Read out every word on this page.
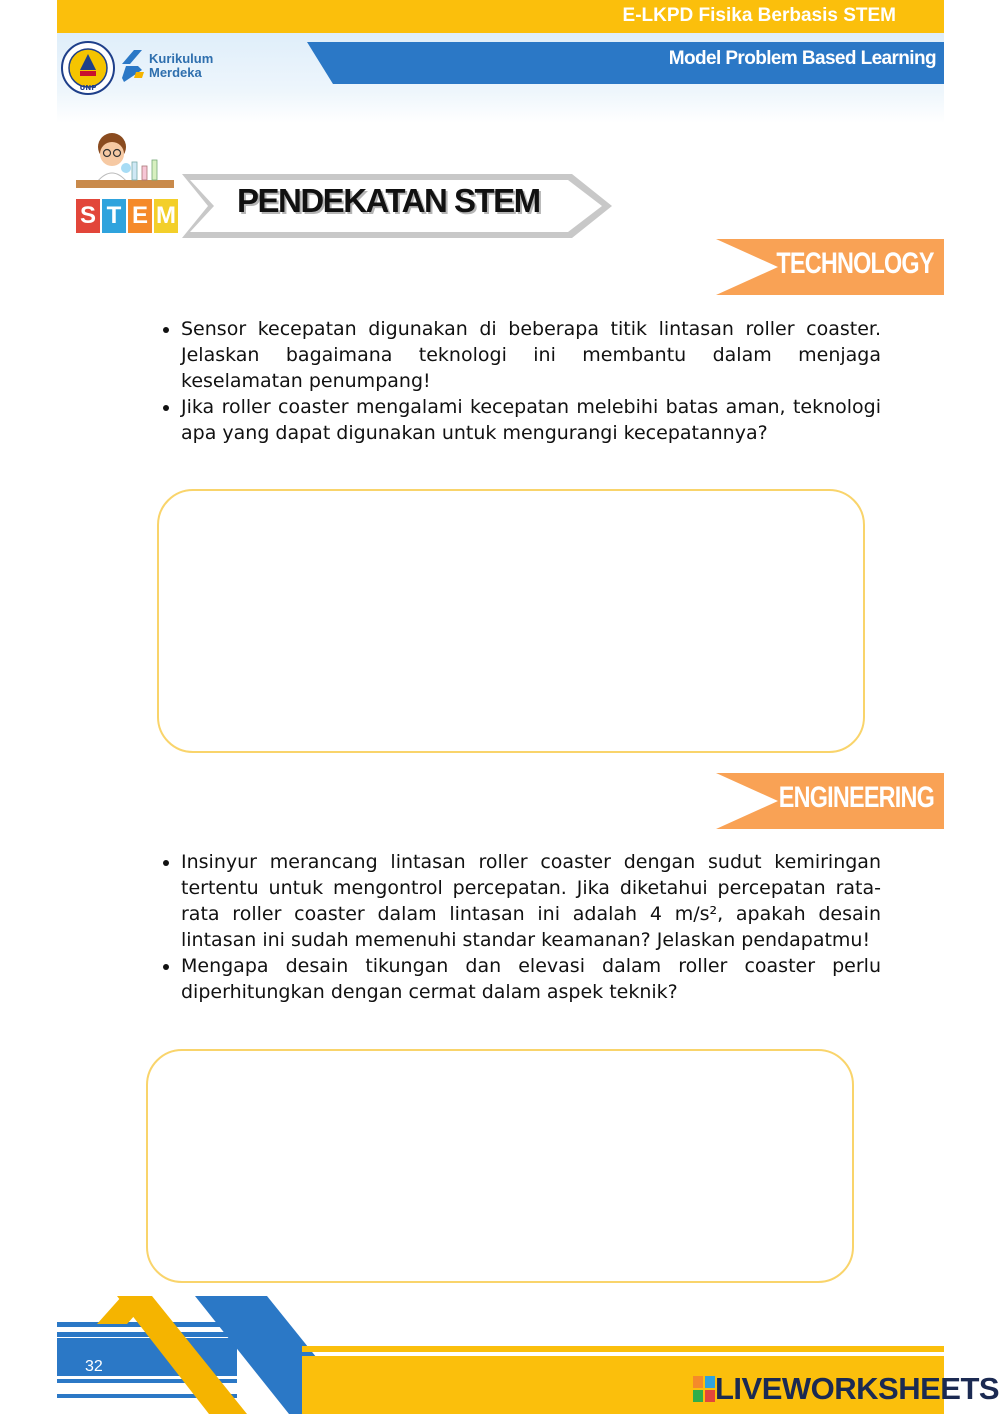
E-LKPD Fisika Berbasis STEM
Model Problem Based Learning
UNP
Kurikulum
Merdeka
S T E M PENDEKATAN STEM
TECHNOLOGY
• Sensor kecepatan digunakan di beberapa titik lintasan roller coaster. Jelaskan bagaimana teknologi ini membantu dalam menjaga keselamatan penumpang!
• Jika roller coaster mengalami kecepatan melebihi batas aman, teknologi apa yang dapat digunakan untuk mengurangi kecepatannya?
ENGINEERING
• Insinyur merancang lintasan roller coaster dengan sudut kemiringan tertentu untuk mengontrol percepatan. Jika diketahui percepatan rata-rata roller coaster dalam lintasan ini adalah 4 m/s², apakah desain lintasan ini sudah memenuhi standar keamanan? Jelaskan pendapatmu!
• Mengapa desain tikungan dan elevasi dalam roller coaster perlu diperhitungkan dengan cermat dalam aspek teknik?
32
LIVEWORKSHEETS
